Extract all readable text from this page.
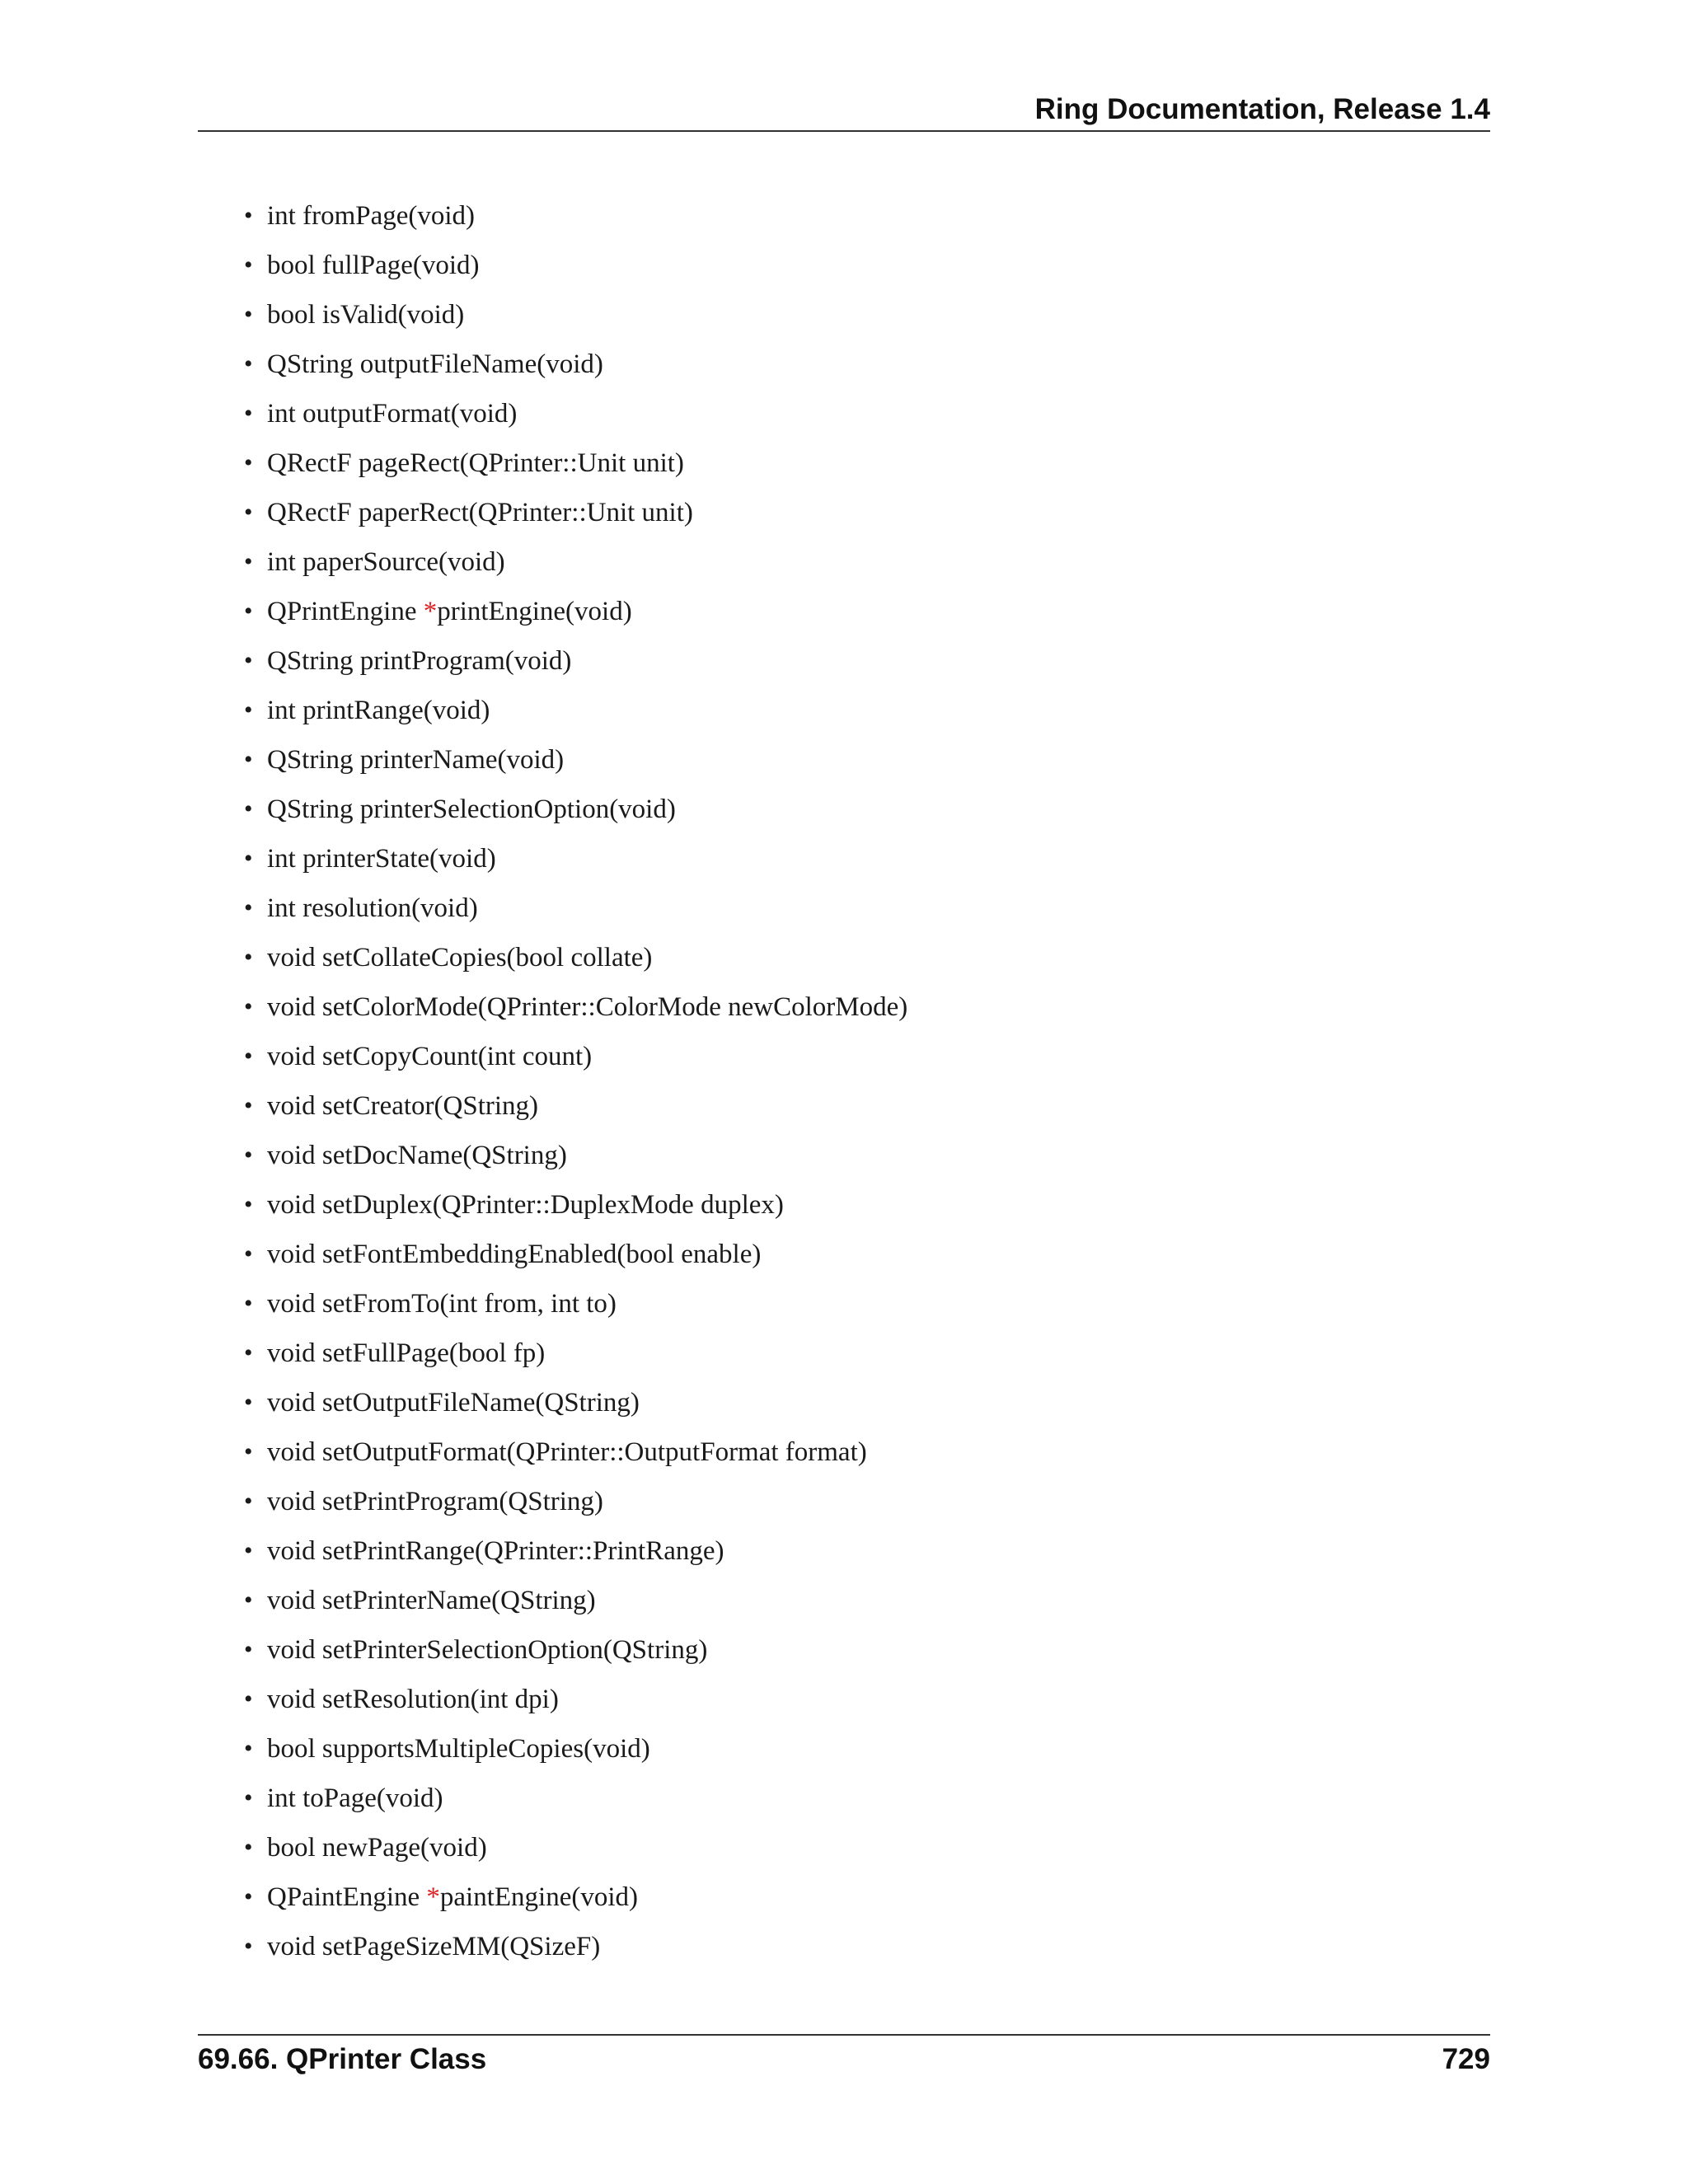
Ring Documentation, Release 1.4
• int fromPage(void)
• bool fullPage(void)
• bool isValid(void)
• QString outputFileName(void)
• int outputFormat(void)
• QRectF pageRect(QPrinter::Unit unit)
• QRectF paperRect(QPrinter::Unit unit)
• int paperSource(void)
• QPrintEngine *printEngine(void)
• QString printProgram(void)
• int printRange(void)
• QString printerName(void)
• QString printerSelectionOption(void)
• int printerState(void)
• int resolution(void)
• void setCollateCopies(bool collate)
• void setColorMode(QPrinter::ColorMode newColorMode)
• void setCopyCount(int count)
• void setCreator(QString)
• void setDocName(QString)
• void setDuplex(QPrinter::DuplexMode duplex)
• void setFontEmbeddingEnabled(bool enable)
• void setFromTo(int from, int to)
• void setFullPage(bool fp)
• void setOutputFileName(QString)
• void setOutputFormat(QPrinter::OutputFormat format)
• void setPrintProgram(QString)
• void setPrintRange(QPrinter::PrintRange)
• void setPrinterName(QString)
• void setPrinterSelectionOption(QString)
• void setResolution(int dpi)
• bool supportsMultipleCopies(void)
• int toPage(void)
• bool newPage(void)
• QPaintEngine *paintEngine(void)
• void setPageSizeMM(QSizeF)
69.66. QPrinter Class	729
